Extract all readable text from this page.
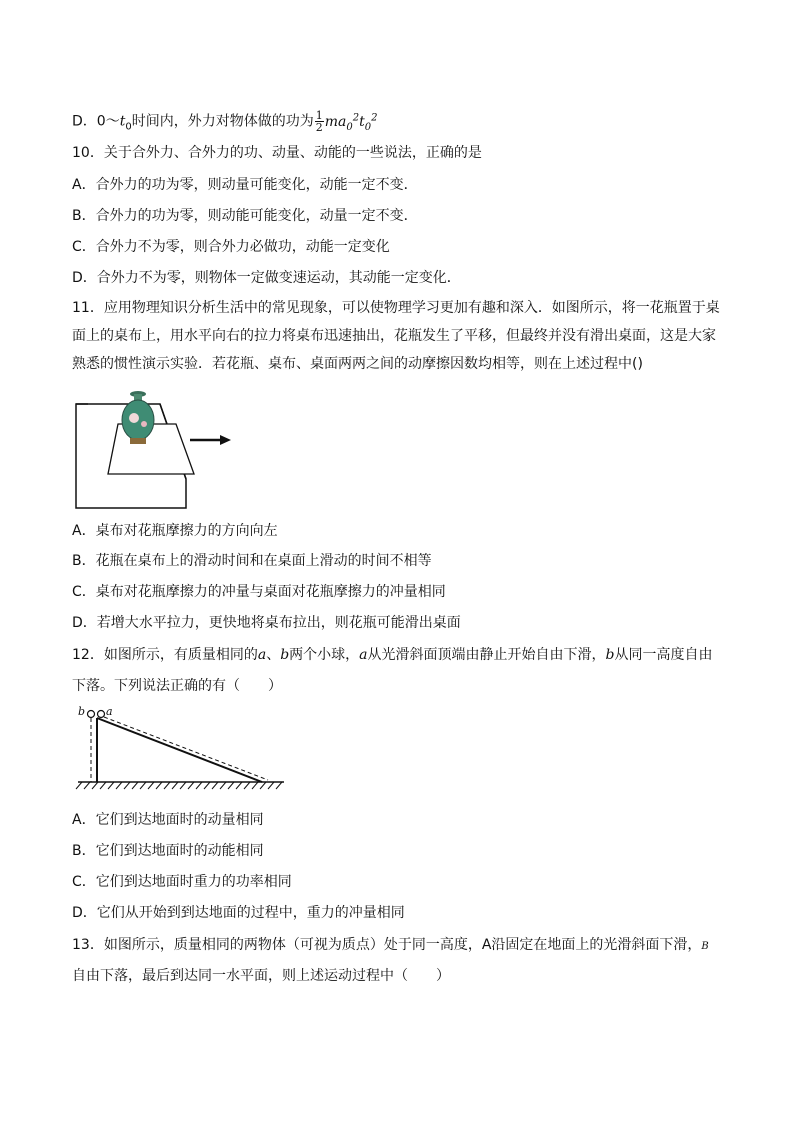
D．$0\sim t_0$时间内，外力对物体做的功为 $\frac{1}{2} ma_0^2t_0^2$
10．关于合外力、合外力的功、动量、动能的一些说法，正确的是
A．合外力的功为零，则动量可能变化，动能一定不变．
B．合外力的功为零，则动能可能变化，动量一定不变．
C．合外力不为零，则合外力必做功，动能一定变化
D．合外力不为零，则物体一定做变速运动，其动能一定变化．
11．应用物理知识分析生活中的常见现象，可以使物理学习更加有趣和深入．如图所示，将一花瓶置于桌面上的桌布上，用水平向右的拉力将桌布迅速抽出，花瓶发生了平移，但最终并没有滑出桌面，这是大家熟悉的惯性演示实验．若花瓶、桌布、桌面两两之间的动摩擦因数均相等，则在上述过程中()
A．桌布对花瓶摩擦力的方向向左
B．花瓶在桌布上的滑动时间和在桌面上滑动的时间不相等
C．桌布对花瓶摩擦力的冲量与桌面对花瓶摩擦力的冲量相同
D．若增大水平拉力，更快地将桌布拉出，则花瓶可能滑出桌面
12．如图所示，有质量相同的a、b两个小球，a从光滑斜面顶端由静止开始自由下滑，b从同一高度自由
下落。下列说法正确的有（　　）
b a
A．它们到达地面时的动量相同
B．它们到达地面时的动能相同
C．它们到达地面时重力的功率相同
D．它们从开始到到达地面的过程中，重力的冲量相同
13．如图所示，质量相同的两物体（可视为质点）处于同一高度，A沿固定在地面上的光滑斜面下滑，B
自由下落，最后到达同一水平面，则上述运动过程中（　　）
